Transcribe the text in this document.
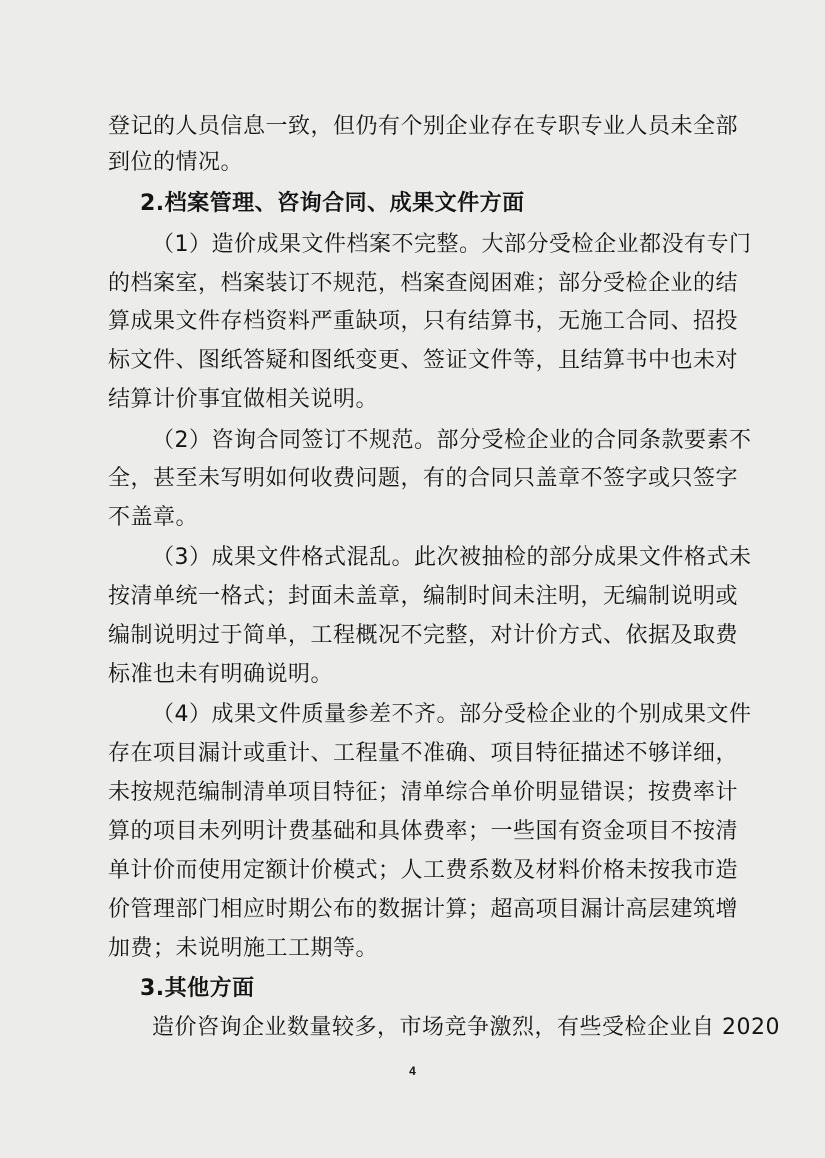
登记的人员信息一致，但仍有个别企业存在专职专业人员未全部
到位的情况。
2.档案管理、咨询合同、成果文件方面
（1）造价成果文件档案不完整。大部分受检企业都没有专门
的档案室，档案装订不规范，档案查阅困难；部分受检企业的结
算成果文件存档资料严重缺项，只有结算书，无施工合同、招投
标文件、图纸答疑和图纸变更、签证文件等，且结算书中也未对
结算计价事宜做相关说明。
（2）咨询合同签订不规范。部分受检企业的合同条款要素不
全，甚至未写明如何收费问题，有的合同只盖章不签字或只签字
不盖章。
（3）成果文件格式混乱。此次被抽检的部分成果文件格式未
按清单统一格式；封面未盖章，编制时间未注明，无编制说明或
编制说明过于简单，工程概况不完整，对计价方式、依据及取费
标准也未有明确说明。
（4）成果文件质量参差不齐。部分受检企业的个别成果文件
存在项目漏计或重计、工程量不准确、项目特征描述不够详细，
未按规范编制清单项目特征；清单综合单价明显错误；按费率计
算的项目未列明计费基础和具体费率；一些国有资金项目不按清
单计价而使用定额计价模式；人工费系数及材料价格未按我市造
价管理部门相应时期公布的数据计算；超高项目漏计高层建筑增
加费；未说明施工工期等。
3.其他方面
造价咨询企业数量较多，市场竞争激烈，有些受检企业自 2020
4
